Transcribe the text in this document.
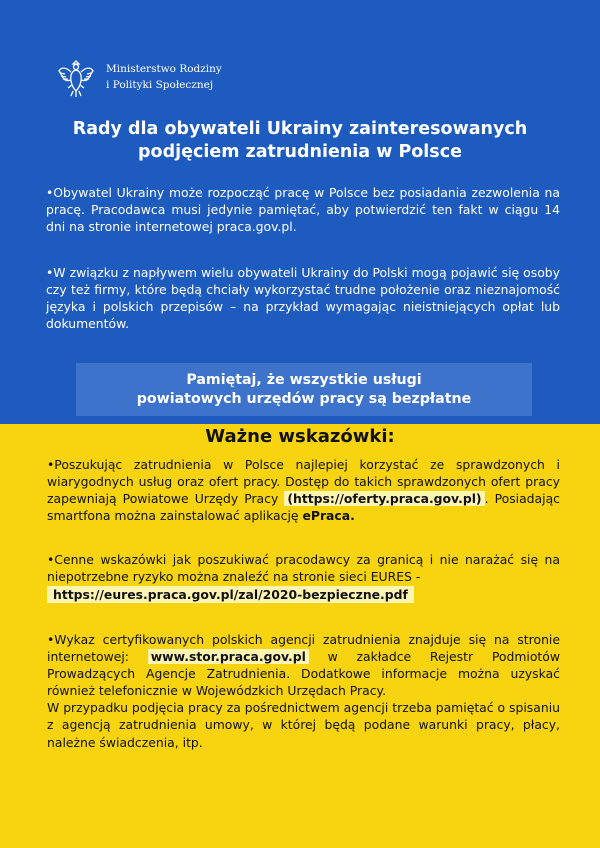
Ministerstwo Rodziny
i Polityki Społecznej
Rady dla obywateli Ukrainy zainteresowanych
podjęciem zatrudnienia w Polsce

•Obywatel Ukrainy może rozpocząć pracę w Polsce bez posiadania zezwolenia na pracę. Pracodawca musi jedynie pamiętać, aby potwierdzić ten fakt w ciągu 14 dni na stronie internetowej praca.gov.pl.

•W związku z napływem wielu obywateli Ukrainy do Polski mogą pojawić się osoby czy też firmy, które będą chciały wykorzystać trudne położenie oraz nieznajomość języka i polskich przepisów – na przykład wymagając nieistniejących opłat lub dokumentów.

Pamiętaj, że wszystkie usługi
powiatowych urzędów pracy są bezpłatne
Ważne wskazówki:

•Poszukując zatrudnienia w Polsce najlepiej korzystać ze sprawdzonych i wiarygodnych usług oraz ofert pracy. Dostęp do takich sprawdzonych ofert pracy zapewniają Powiatowe Urzędy Pracy (https://oferty.praca.gov.pl) . Posiadając smartfona można zainstalować aplikację ePraca.

•Cenne wskazówki jak poszukiwać pracodawcy za granicą i nie narażać się na niepotrzebne ryzyko można znaleźć na stronie sieci EURES -
https://eures.praca.gov.pl/zal/2020-bezpieczne.pdf

•Wykaz certyfikowanych polskich agencji zatrudnienia znajduje się na stronie internetowej: www.stor.praca.gov.pl w zakładce Rejestr Podmiotów Prowadzących Agencje Zatrudnienia. Dodatkowe informacje można uzyskać również telefonicznie w Wojewódzkich Urzędach Pracy.
W przypadku podjęcia pracy za pośrednictwem agencji trzeba pamiętać o spisaniu z agencją zatrudnienia umowy, w której będą podane warunki pracy, płacy, należne świadczenia, itp.
